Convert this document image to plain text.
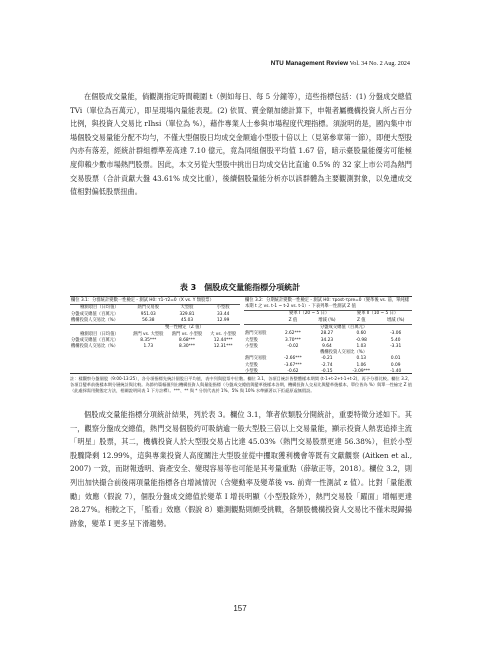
NTU Management Review Vol. 34 No. 2 Aug. 2024

在個股成交量能，倘觀測指定時間範圍 t（例如每日、每 5 分鐘等），這些指標包括：(1) 分盤成交總值 TVi（單位為百萬元），即呈現場內量能表現。(2) 依買、賣金額加總計算下，申報者屬機構投資人所占百分比例，與投資人交易比 rIhsi（單位為 %），藉作專業人士參與市場程度代理指標。須說明的是，國內集中市場個股交易量能分配不均勻，不僅大型個股日均成交金額逾小型股十倍以上（見第參章第一節），即便大型股內亦有落差，經統計群組標準差高達 7.10 億元，竟為同組個股平均值 1.67 倍，暗示臺股量能優劣可能極度仰賴少數市場熱門股票。因此，本文另從大型股中挑出日均成交佔比直逾 0.5% 的 32 家上市公司為熱門交易股票（合計貢獻大盤 43.61% 成交比重），後續個股量能分析亦以該群體為主要觀測對象，以免遭成交值相對偏低股票扭曲。

表 3　個股成交量能指標分項統計
欄位 3.1：分群統計變數一性檢定 - 測試 H0: τ1-τ2=0（X vs. Y 類股票）			
檢測項目（日均值）	熱門交易股	大型股	小型股
分盤成交總值（百萬元）	951.03	329.81	33.44
機構投資人交易比（%）	56.38	45.03	12.99
	雙一性檢定（Z 值）		
檢測項目（日均值）	熱門 vs. 大型股	熱門 vs. 小型股	大 vs. 小型股
分盤成交總值（百萬元）	8.35***	8.68***	12.44***
機構投資人交易比（%）	1.73	8.30***	12.31***
欄位 3.2：分期統計變數一性檢定 - 測試 H0: τpost-τpre=0（變革後 vs. 前，單純樣本期 t 之 vs. t-1 ~ t-2 vs. t-1）- 下表列舉一性測試 Z 值				
	變革 I（20 ~ 5 日）		變革 II（10 ~ 5 日）	
	Z 值	增減 (%)	Z 值	增減 (%)
	分盤成交總值（百萬元）			
熱門交易股	2.62***	28.27	0.60	-3.06
大型股	3.70***	34.23	-0.98	5.40
小型股	-0.02	9.64	1.03	-3.31
	機構投資人交易比（%）			
熱門交易股	-2.66***	-0.21	0.13	0.01
大型股	-3.67***	-2.74	1.06	0.09
小型股	-0.62	-0.15	-3.09***	-1.40
註：樣觀察分盤個股（9:00-13:25），各分項指標先統計個股日平均值，表中列與股票中位數。欄位 3.1，各項目統計皆整體樣本期間 (t-1+t-2+t-1+t-2)，再予分群比較。欄位 3.2，各項目變革前後樣本期分層統計與比較。為節約篇幅僅列出機構投資人與量能指標（分盤成交總值與變革後樣本各期，機構投資人交易比與變革後樣本，單位皆為 %）與單一性檢定 Z 值（此處採需用動態定方法，相關說明同表 1 下方註釋）。***、** 與 * 分別代表於 1%、5% 與 10% 水準顯著以下拒絕原虛無假設。

個股成交量能指標分項統計結果，列於表 3。欄位 3.1，筆者依類股分開統計，重要特徵分述如下。其一，觀察分盤成交總值，熱門交易個股約可吸納逾一般大型股三倍以上交易量能，顯示投資人熱衷追捧主流「明星」股票，其二，機構投資人於大型股交易占比達 45.03%（熱門交易股票更達 56.38%），但於小型股驟降剩 12.99%，這與專業投資人高度關注大型股並從中攫取獲利機會等既有文獻觀察 (Aitken et al., 2007) 一致，而財報透明、資產安全、變現容易等也可能是其考量重點（薛敏正等，2018）。欄位 3.2，則列出加快撮合前後兩項量能指標各自增減情況（含變動率及變革後 vs. 前齊一性測試 z 值）。比對「量能激勵」效應（假說 7），個股分盤成交總值於變革 I 增長明顯（小型股除外），熱門交易股「躍面」增幅更達 28.27%。相較之下，「監看」效應（假說 8）雖測觀點則頗受挑戰，各類股機構投資人交易比不僅未現歸揚跡象，變革 I 更多呈下滑趨勢。

157
